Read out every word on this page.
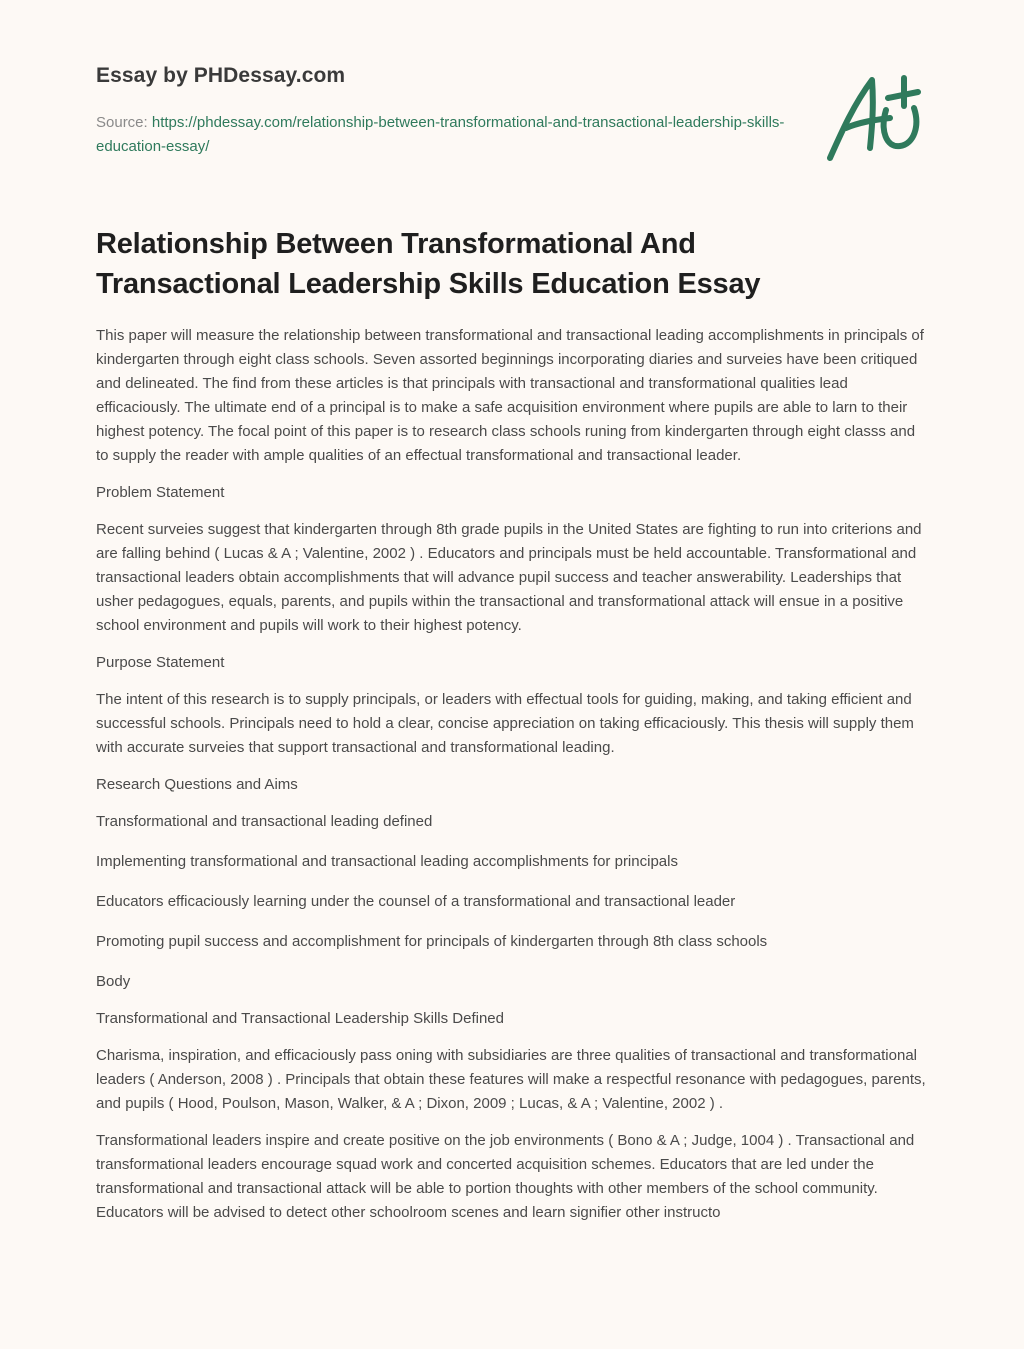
Essay by PHDessay.com
Source: https://phdessay.com/relationship-between-transformational-and-transactional-leadership-skills-education-essay/
Relationship Between Transformational And Transactional Leadership Skills Education Essay

This paper will measure the relationship between transformational and transactional leading accomplishments in principals of kindergarten through eight class schools. Seven assorted beginnings incorporating diaries and surveies have been critiqued and delineated. The find from these articles is that principals with transactional and transformational qualities lead efficaciously. The ultimate end of a principal is to make a safe acquisition environment where pupils are able to larn to their highest potency. The focal point of this paper is to research class schools runing from kindergarten through eight classs and to supply the reader with ample qualities of an effectual transformational and transactional leader.

Problem Statement

Recent surveies suggest that kindergarten through 8th grade pupils in the United States are fighting to run into criterions and are falling behind ( Lucas & A ; Valentine, 2002 ) . Educators and principals must be held accountable. Transformational and transactional leaders obtain accomplishments that will advance pupil success and teacher answerability. Leaderships that usher pedagogues, equals, parents, and pupils within the transactional and transformational attack will ensue in a positive school environment and pupils will work to their highest potency.

Purpose Statement

The intent of this research is to supply principals, or leaders with effectual tools for guiding, making, and taking efficient and successful schools. Principals need to hold a clear, concise appreciation on taking efficaciously. This thesis will supply them with accurate surveies that support transactional and transformational leading.

Research Questions and Aims

Transformational and transactional leading defined

Implementing transformational and transactional leading accomplishments for principals

Educators efficaciously learning under the counsel of a transformational and transactional leader

Promoting pupil success and accomplishment for principals of kindergarten through 8th class schools

Body

Transformational and Transactional Leadership Skills Defined

Charisma, inspiration, and efficaciously pass oning with subsidiaries are three qualities of transactional and transformational leaders ( Anderson, 2008 ) . Principals that obtain these features will make a respectful resonance with pedagogues, parents, and pupils ( Hood, Poulson, Mason, Walker, & A ; Dixon, 2009 ; Lucas, & A ; Valentine, 2002 ) .

Transformational leaders inspire and create positive on the job environments ( Bono & A ; Judge, 1004 ) . Transactional and transformational leaders encourage squad work and concerted acquisition schemes. Educators that are led under the transformational and transactional attack will be able to portion thoughts with other members of the school community. Educators will be advised to detect other schoolroom scenes and learn signifier other instructo
